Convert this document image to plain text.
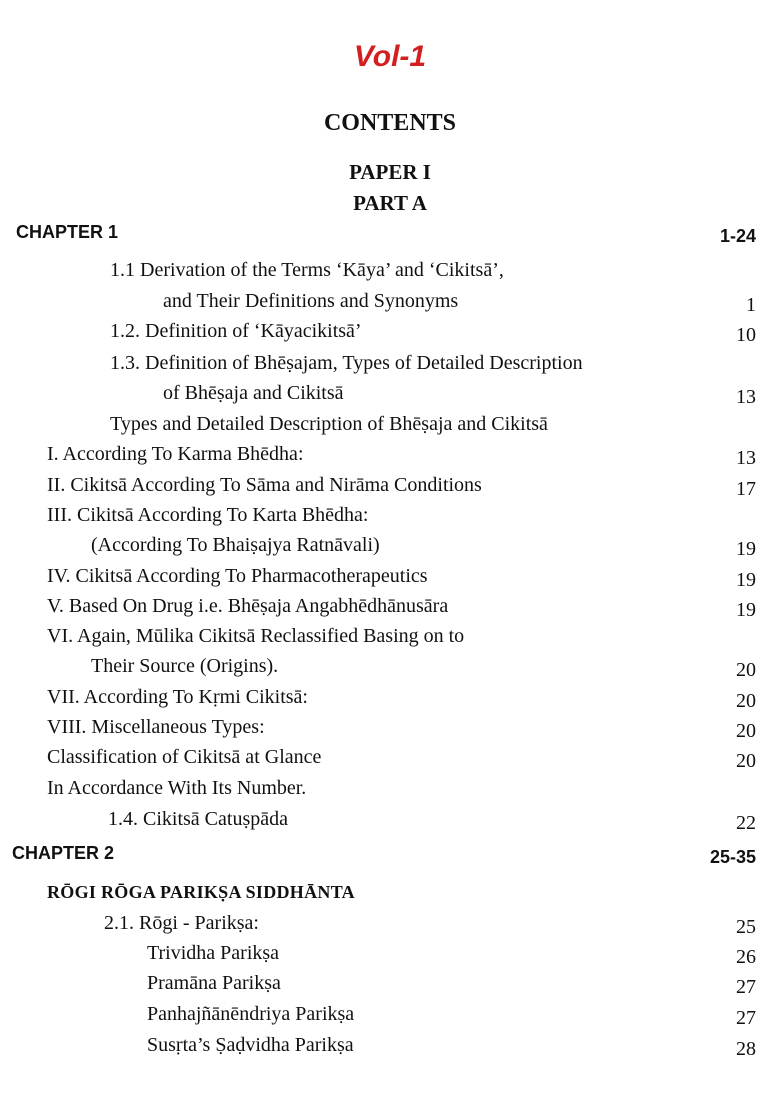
Vol-1
CONTENTS
PAPER I
PART A
CHAPTER 1	1-24
1.1 Derivation of the Terms ‘Kāya’ and ‘Cikitsā’,
and Their Definitions and Synonyms	1
1.2. Definition of ‘Kāyacikitsā’	10
1.3. Definition of Bhēṣajam, Types of Detailed Description
of Bhēṣaja and Cikitsā	13
Types and Detailed Description of Bhēṣaja and Cikitsā
I. According To Karma Bhēdha:	13
II. Cikitsā According To Sāma and Nirāma Conditions	17
III. Cikitsā According To Karta Bhēdha:
(According To Bhaiṣajya Ratnāvali)	19
IV. Cikitsā According To Pharmacotherapeutics	19
V. Based On Drug i.e. Bhēṣaja Angabhēdhānusāra	19
VI. Again, Mūlika Cikitsā Reclassified Basing on to
Their Source (Origins).	20
VII. According To Kṛmi Cikitsā:	20
VIII. Miscellaneous Types:	20
Classification of Cikitsā at Glance	20
In Accordance With Its Number.
1.4. Cikitsā Catuṣpāda	22
CHAPTER 2	25-35
RŌGI RŌGA PARIKṢA SIDDHĀNTA
2.1. Rōgi - Parikṣa:	25
Trividha Parikṣa	26
Pramāna Parikṣa	27
Panhajñānēndriya Parikṣa	27
Susṛta’s Ṣaḍvidha Parikṣa	28
